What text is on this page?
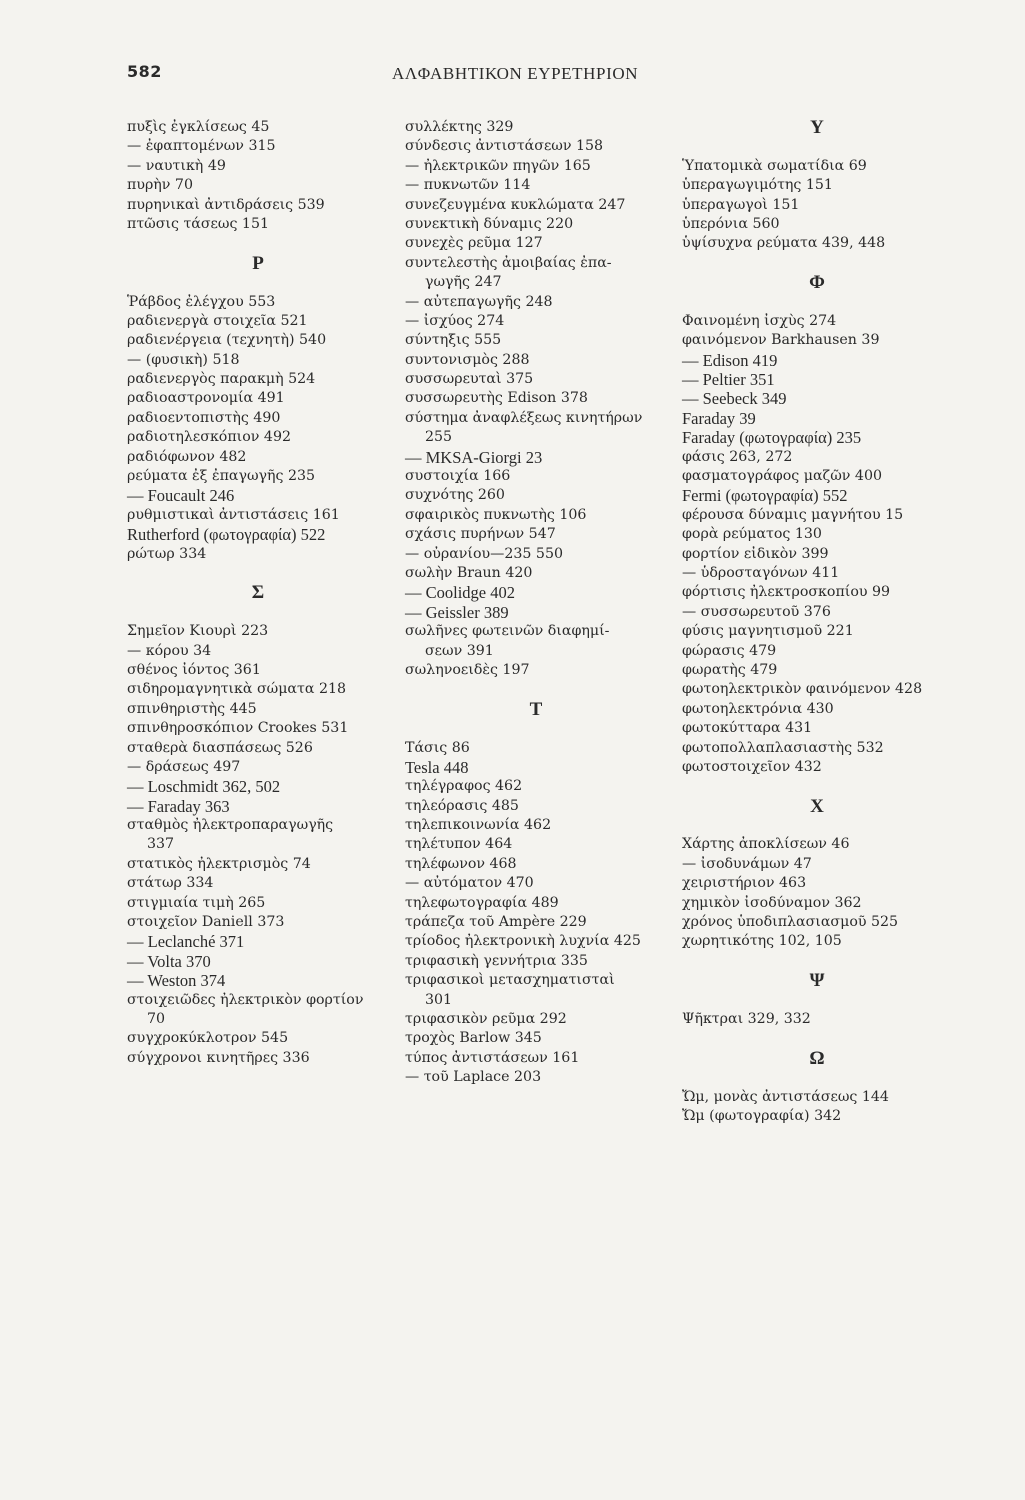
582	ΑΛΦΑΒΗΤΙΚΟΝ ΕΥΡΕΤΗΡΙΟΝ
πυξὶς ἐγκλίσεως 45
— ἐφαπτομένων 315
— ναυτικὴ 49
πυρὴν 70
πυρηνικαὶ ἀντιδράσεις 539
πτῶσις τάσεως 151
Ρ
Ῥάβδος ἐλέγχου 553
ραδιενεργὰ στοιχεῖα 521
ραδιενέργεια (τεχνητὴ) 540
— (φυσικὴ) 518
ραδιενεργὸς παρακμὴ 524
ραδιοαστρονομία 491
ραδιοεντοπιστὴς 490
ραδιοτηλεσκόπιον 492
ραδιόφωνον 482
ρεύματα ἐξ ἐπαγωγῆς 235
— Foucault 246
ρυθμιστικαὶ ἀντιστάσεις 161
Rutherford (φωτογραφία) 522
ρώτωρ 334
Σ
Σημεῖον Κιουρὶ 223
— κόρου 34
σθένος ἰόντος 361
σιδηρομαγνητικὰ σώματα 218
σπινθηριστὴς 445
σπινθηροσκόπιον Crookes 531
σταθερὰ διασπάσεως 526
— δράσεως 497
— Loschmidt 362, 502
— Faraday 363
σταθμὸς ἠλεκτροπαραγωγῆς
337
στατικὸς ἠλεκτρισμὸς 74
στάτωρ 334
στιγμιαία τιμὴ 265
στοιχεῖον Daniell 373
— Leclanché 371
— Volta 370
— Weston 374
στοιχειῶδες ἠλεκτρικὸν φορτίον
70
συγχροκύκλοτρον 545
σύγχρονοι κινητῆρες 336
συλλέκτης 329
σύνδεσις ἀντιστάσεων 158
— ἠλεκτρικῶν πηγῶν 165
— πυκνωτῶν 114
συνεζευγμένα κυκλώματα 247
συνεκτικὴ δύναμις 220
συνεχὲς ρεῦμα 127
συντελεστὴς ἀμοιβαίας ἐπα-
γωγῆς 247
— αὐτεπαγωγῆς 248
— ἰσχύος 274
σύντηξις 555
συντονισμὸς 288
συσσωρευταὶ 375
συσσωρευτὴς Edison 378
σύστημα ἀναφλέξεως κινητήρων
255
— MKSA-Giorgi 23
συστοιχία 166
συχνότης 260
σφαιρικὸς πυκνωτὴς 106
σχάσις πυρήνων 547
— οὐρανίου—235 550
σωλὴν Braun 420
— Coolidge 402
— Geissler 389
σωλῆνες φωτεινῶν διαφημί-
σεων 391
σωληνοειδὲς 197
Τ
Τάσις 86
Tesla 448
τηλέγραφος 462
τηλεόρασις 485
τηλεπικοινωνία 462
τηλέτυπον 464
τηλέφωνον 468
— αὐτόματον 470
τηλεφωτογραφία 489
τράπεζα τοῦ Ampère 229
τρίοδος ἠλεκτρονικὴ λυχνία 425
τριφασικὴ γεννήτρια 335
τριφασικοὶ μετασχηματισταὶ
301
τριφασικὸν ρεῦμα 292
τροχὸς Barlow 345
τύπος ἀντιστάσεων 161
— τοῦ Laplace 203
Υ
Ὑπατομικὰ σωματίδια 69
ὑπεραγωγιμότης 151
ὑπεραγωγοὶ 151
ὑπερόνια 560
ὑψίσυχνα ρεύματα 439, 448
Φ
Φαινομένη ἰσχὺς 274
φαινόμενον Barkhausen 39
— Edison 419
— Peltier 351
— Seebeck 349
Faraday 39
Faraday (φωτογραφία) 235
φάσις 263, 272
φασματογράφος μαζῶν 400
Fermi (φωτογραφία) 552
φέρουσα δύναμις μαγνήτου 15
φορὰ ρεύματος 130
φορτίον εἰδικὸν 399
— ὑδροσταγόνων 411
φόρτισις ἠλεκτροσκοπίου 99
— συσσωρευτοῦ 376
φύσις μαγνητισμοῦ 221
φώρασις 479
φωρατὴς 479
φωτοηλεκτρικὸν φαινόμενον 428
φωτοηλεκτρόνια 430
φωτοκύτταρα 431
φωτοπολλαπλασιαστὴς 532
φωτοστοιχεῖον 432
Χ
Χάρτης ἀποκλίσεων 46
— ἰσοδυνάμων 47
χειριστήριον 463
χημικὸν ἰσοδύναμον 362
χρόνος ὑποδιπλασιασμοῦ 525
χωρητικότης 102, 105
Ψ
Ψῆκτραι 329, 332
Ω
Ὤμ, μονὰς ἀντιστάσεως 144
Ὤμ (φωτογραφία) 342
